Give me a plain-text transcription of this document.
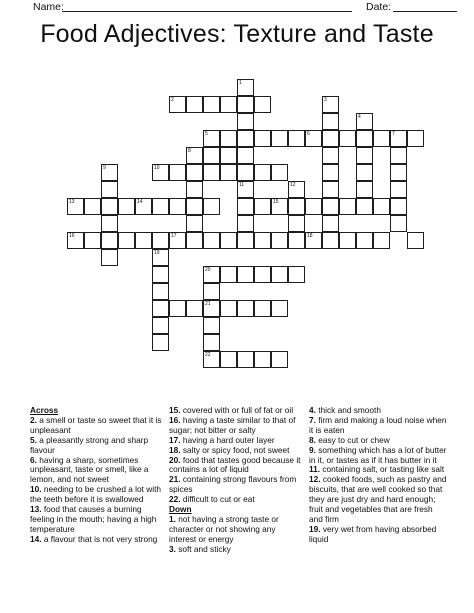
Name:	Date:
Food Adjectives: Texture and Taste
1
2	3
4
5	6	7
8
9	10
11	12
13	14	15
16	17	18
19
20
21
22
Across
2. a smell or taste so sweet that it is unpleasant
5. a pleasantly strong and sharp flavour
6. having a sharp, sometimes unpleasant, taste or smell, like a lemon, and not sweet
10. needing to be crushed a lot with the teeth before it is swallowed
13. food that causes a burning feeling in the mouth; having a high temperature
14. a flavour that is not very strong
15. covered with or full of fat or oil
16. having a taste similar to that of sugar; not bitter or salty
17. having a hard outer layer
18. salty or spicy food, not sweet
20. food that tastes good because it contains a lot of liquid
21. containing strong flavours from spices
22. difficult to cut or eat
Down
1. not having a strong taste or character or not showing any interest or energy
3. soft and sticky
4. thick and smooth
7. firm and making a loud noise when it is eaten
8. easy to cut or chew
9. something which has a lot of butter in it, or tastes as if it has butter in it
11. containing salt, or tasting like salt
12. cooked foods, such as pastry and biscuits, that are well cooked so that they are just dry and hard enough; fruit and vegetables that are fresh and firm
19. very wet from having absorbed liquid
